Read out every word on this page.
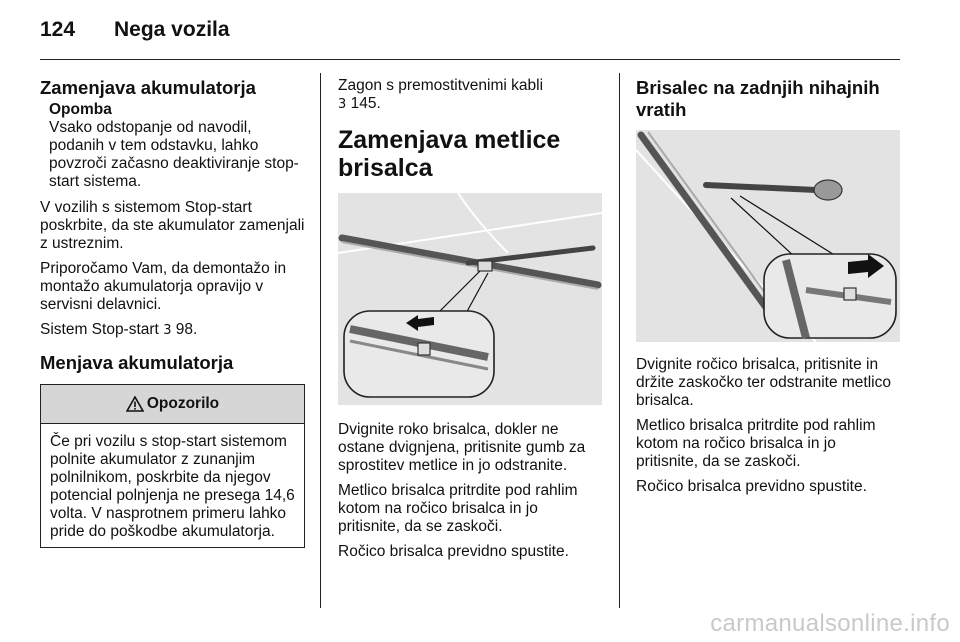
124 Nega vozila
Zamenjava akumulatorja
Opomba
Vsako odstopanje od navodil, podanih v tem odstavku, lahko povzroči začasno deaktiviranje stop-start sistema.

V vozilih s sistemom Stop-start poskrbite, da ste akumulator zamenjali z ustreznim.

Priporočamo Vam, da demontažo in montažo akumulatorja opravijo v servisni delavnici.

Sistem Stop-start 3 98.

Menjava akumulatorja
Opozorilo
Če pri vozilu s stop-start sistemom polnite akumulator z zunanjim polnilnikom, poskrbite da njegov potencial polnjenja ne presega 14,6 volta. V nasprotnem primeru lahko pride do poškodbe akumulatorja.

Zagon s premostitvenimi kabli
3 145.

Zamenjava metlice brisalca

Dvignite roko brisalca, dokler ne ostane dvignjena, pritisnite gumb za sprostitev metlice in jo odstranite.

Metlico brisalca pritrdite pod rahlim kotom na ročico brisalca in jo pritisnite, da se zaskoči.

Ročico brisalca previdno spustite.

Brisalec na zadnjih nihajnih vratih

Dvignite ročico brisalca, pritisnite in držite zaskočko ter odstranite metlico brisalca.

Metlico brisalca pritrdite pod rahlim kotom na ročico brisalca in jo pritisnite, da se zaskoči.

Ročico brisalca previdno spustite.

carmanualsonline.info
